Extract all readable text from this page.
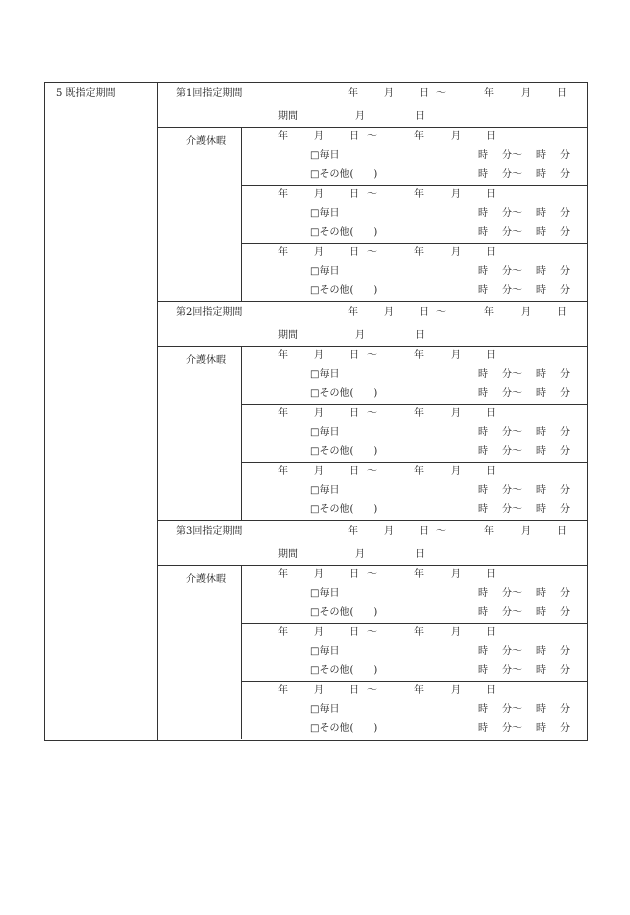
5 既指定期間	第1回指定期間	年	月	日 ～	年	月	日
期間	月	日
介護休暇	年	月	日 ～	年	月	日
□毎日	時 分～ 時 分
□その他(　　)	時 分～ 時 分
年	月	日 ～	年	月	日
□毎日	時 分～ 時 分
□その他(　　)	時 分～ 時 分
年	月	日 ～	年	月	日
□毎日	時 分～ 時 分
□その他(　　)	時 分～ 時 分
第2回指定期間	年	月	日 ～	年	月	日
期間	月	日
介護休暇	年	月	日 ～	年	月	日
□毎日	時 分～ 時 分
□その他(　　)	時 分～ 時 分
年	月	日 ～	年	月	日
□毎日	時 分～ 時 分
□その他(　　)	時 分～ 時 分
年	月	日 ～	年	月	日
□毎日	時 分～ 時 分
□その他(　　)	時 分～ 時 分
第3回指定期間	年	月	日 ～	年	月	日
期間	月	日
介護休暇	年	月	日 ～	年	月	日
□毎日	時 分～ 時 分
□その他(　　)	時 分～ 時 分
年	月	日 ～	年	月	日
□毎日	時 分～ 時 分
□その他(　　)	時 分～ 時 分
年	月	日 ～	年	月	日
□毎日	時 分～ 時 分
□その他(　　)	時 分～ 時 分
